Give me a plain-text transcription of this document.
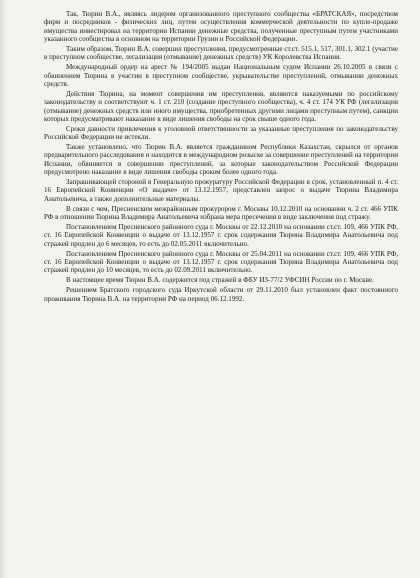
Так, Тюрин В.А., являясь лидером организованного преступного сообщества «БРАТСКАЯ», посредством фирм и посредников - физических лиц, путем осуществления коммерческой деятельности по купле-продаже имущества инвестировал на территории Испании денежные средства, полученные преступным путем участниками указанного сообщества в основном на территории Грузии и Российской Федерации.

Таким образом, Тюрин В.А. совершил преступления, предусмотренные ст.ст. 515.1, 517, 301.1, 302.1 (участие в преступном сообществе, легализация (отмывание) денежных средств) УК Королевства Испания.

Международный ордер на арест № 194/2005 выдан Национальным судом Испании 26.10.2005 в связи с обвинением Тюрина в участии в преступном сообществе, укрывательстве преступлений, отмывании денежных средств.

Действия Тюрина, на момент совершения им преступления, являются наказуемыми по российскому законодательству и соответствуют ч. 1 ст. 210 (создание преступного сообщества), ч. 4 ст. 174 УК РФ (легализация (отмывание) денежных средств или иного имущества, приобретенных другими лицами преступным путем), санкции которых предусматривают наказание в виде лишения свободы на срок свыше одного года.

Сроки давности привлечения к уголовной ответственности за указанные преступления по законодательству Российской Федерации не истекли.

Также установлено, что Тюрин В.А. является гражданином Республики Казахстан, скрылся от органов предварительного расследования и находится в международном розыске за совершение преступлений на территории Испании, обвиняется в совершении преступлений, за которые законодательством Российской Федерации предусмотрено наказание в виде лишения свободы сроком более одного года.

Запрашивающей стороной в Генеральную прокуратуру Российской Федерации в срок, установленный п. 4 ст. 16 Европейской Конвенции «О выдаче» от 13.12.1957, представлен запрос о выдаче Тюрина Владимира Анатольевича, а также дополнительные материалы.

В связи с чем, Пресненским межрайонным прокурором г. Москвы 10.12.2010 на основании ч. 2 ст. 466 УПК РФ в отношении Тюрина Владимира Анатольевича избрана мера пресечения в виде заключения под стражу.

Постановлением Пресненского районного суда г. Москвы от 22.12.2010 на основании ст.ст. 109, 466 УПК РФ, ст. 16 Европейской Конвенции о выдаче от 13.12.1957 г. срок содержания Тюрина Владимира Анатольевича под стражей продлен до 6 месяцев, то есть до 02.05.2011 включительно.

Постановлением Пресненского районного суда г. Москвы от 25.04.2011 на основании ст.ст. 109, 466 УПК РФ, ст. 16 Европейской Конвенции о выдаче от 13.12.1957 г. срок содержания Тюрина Владимира Анатольевича под стражей продлен до 10 месяцев, то есть до 02.09.2011 включительно.

В настоящее время Тюрин В.А. содержится под стражей в ФБУ ИЗ-77/2 УФСИН России по г. Москве.

Решением Братского городского суда Иркутской области от 29.11.2010 был установлен факт постоянного проживания Тюрина В.А. на территории РФ на период 06.12.1992.
